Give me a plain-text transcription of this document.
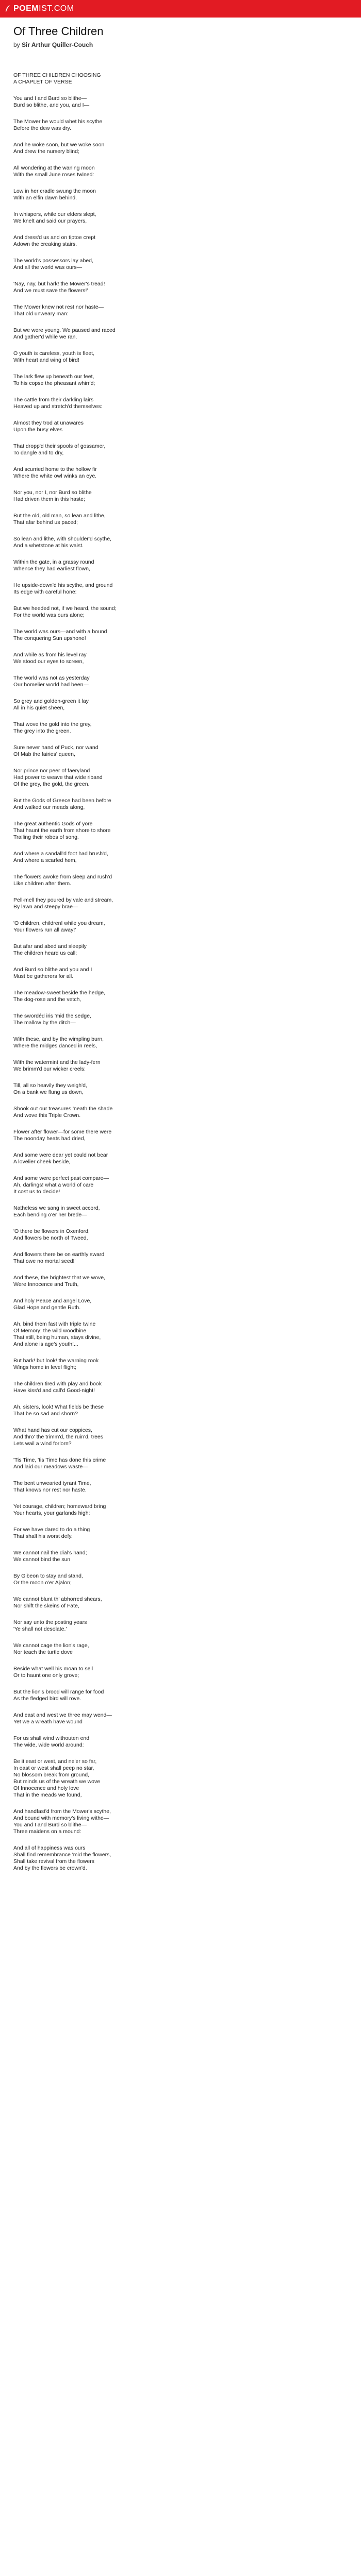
POEMIST.COM
Of Three Children
by Sir Arthur Quiller-Couch
OF THREE CHILDREN CHOOSING
A CHAPLET OF VERSE
You and I and Burd so blithe—
Burd so blithe, and you, and I—
The Mower he would whet his scythe
Before the dew was dry.
And he woke soon, but we woke soon
And drew the nursery blind;
All wondering at the waning moon
With the small June roses twined:
Low in her cradle swung the moon
With an elfin dawn behind.
In whispers, while our elders slept,
We knelt and said our prayers,
And dress'd us and on tiptoe crept
Adown the creaking stairs.
The world's possessors lay abed,
And all the world was ours—
'Nay, nay, but hark! the Mower's tread!
And we must save the flowers!'
The Mower knew not rest nor haste—
That old unweary man:
But we were young. We paused and raced
And gather'd while we ran.
O youth is careless, youth is fleet,
With heart and wing of bird!
The lark flew up beneath our feet,
To his copse the pheasant whirr'd;
The cattle from their darkling lairs
Heaved up and stretch'd themselves:
Almost they trod at unawares
Upon the busy elves
That dropp'd their spools of gossamer,
To dangle and to dry,
And scurried home to the hollow fir
Where the white owl winks an eye.
Nor you, nor I, nor Burd so blithe
Had driven them in this haste;
But the old, old man, so lean and lithe,
That afar behind us paced;
So lean and lithe, with shoulder'd scythe,
And a whetstone at his waist.
Within the gate, in a grassy round
Whence they had earliest flown,
He upside-down'd his scythe, and ground
Its edge with careful hone:
But we heeded not, if we heard, the sound;
For the world was ours alone;
The world was ours—and with a bound
The conquering Sun upshone!
And while as from his level ray
We stood our eyes to screen,
The world was not as yesterday
Our homelier world had been—
So grey and golden-green it lay
All in his quiet sheen,
That wove the gold into the grey,
The grey into the green.
Sure never hand of Puck, nor wand
Of Mab the fairies' queen,
Nor prince nor peer of faeryland
Had power to weave that wide riband
Of the grey, the gold, the green.
But the Gods of Greece had been before
And walked our meads along,
The great authentic Gods of yore
That haunt the earth from shore to shore
Trailing their robes of song.
And where a sandall'd foot had brush'd,
And where a scarfed hem,
The flowers awoke from sleep and rush'd
Like children after them.
Pell-mell they poured by vale and stream,
By lawn and steepy brae—
'O children, children! while you dream,
Your flowers run all away!'
But afar and abed and sleepily
The children heard us call;
And Burd so blithe and you and I
Must be gatherers for all.
The meadow-sweet beside the hedge,
The dog-rose and the vetch,
The swordéd iris 'mid the sedge,
The mallow by the ditch—
With these, and by the wimpling burn,
Where the midges danced in reels,
With the watermint and the lady-fern
We brimm'd our wicker creels:
Till, all so heavily they weigh'd,
On a bank we flung us down,
Shook out our treasures 'neath the shade
And wove this Triple Crown.
Flower after flower—for some there were
The noonday heats had dried,
And some were dear yet could not bear
A lovelier cheek beside,
And some were perfect past compare—
Ah, darlings! what a world of care
It cost us to decide!
Natheless we sang in sweet accord,
Each bending o'er her brede—
'O there be flowers in Oxenford,
And flowers be north of Tweed,
And flowers there be on earthly sward
That owe no mortal seed!'
And these, the brightest that we wove,
Were Innocence and Truth,
And holy Peace and angel Love,
Glad Hope and gentle Ruth.
Ah, bind them fast with triple twine
Of Memory; the wild woodbine
That still, being human, stays divine,
And alone is age's youth!...
But hark! but look! the warning rook
Wings home in level flight;
The children tired with play and book
Have kiss'd and call'd Good-night!
Ah, sisters, look! What fields be these
That be so sad and shorn?
What hand has cut our coppices,
And thro' the trimm'd, the ruin'd, trees
Lets wail a wind forlorn?
'Tis Time, 'tis Time has done this crime
And laid our meadows waste—
The bent unwearied tyrant Time,
That knows nor rest nor haste.
Yet courage, children; homeward bring
Your hearts, your garlands high:
For we have dared to do a thing
That shall his worst defy.
We cannot nail the dial's hand;
We cannot bind the sun
By Gibeon to stay and stand,
Or the moon o'er Ajalon;
We cannot blunt th' abhorred shears,
Nor shift the skeins of Fate,
Nor say unto the posting years
'Ye shall not desolate.'
We cannot cage the lion's rage,
Nor teach the turtle dove
Beside what well his moan to sell
Or to haunt one only grove;
But the lion's brood will range for food
As the fledged bird will rove.
And east and west we three may wend—
Yet we a wreath have wound
For us shall wind withouten end
The wide, wide world around:
Be it east or west, and ne'er so far,
In east or west shall peep no star,
No blossom break from ground,
But minds us of the wreath we wove
Of Innocence and holy love
That in the meads we found,
And handfast'd from the Mower's scythe,
And bound with memory's living withe—
You and I and Burd so blithe—
Three maidens on a mound:
And all of happiness was ours
Shall find remembrance 'mid the flowers,
Shall take revival from the flowers
And by the flowers be crown'd.
